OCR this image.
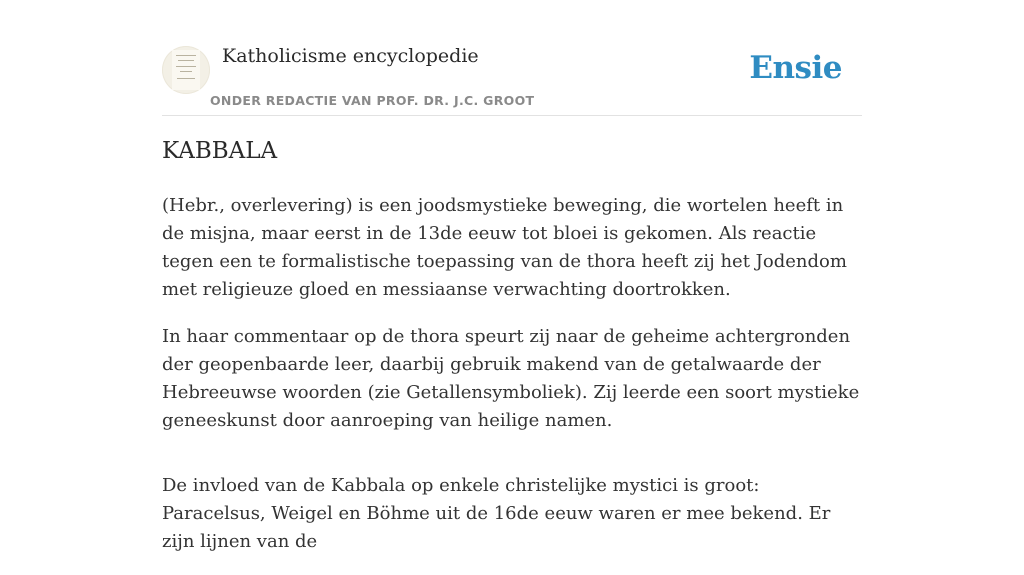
Katholicisme encyclopedie
ONDER REDACTIE VAN PROF. DR. J.C. GROOT
Ensie
KABBALA

(Hebr., overlevering) is een joodsmystieke beweging, die wortelen heeft in de misjna, maar eerst in de 13de eeuw tot bloei is gekomen. Als reactie tegen een te formalistische toepassing van de thora heeft zij het Jodendom met religieuze gloed en messiaanse verwachting doortrokken.

In haar commentaar op de thora speurt zij naar de geheime achtergronden der geopenbaarde leer, daarbij gebruik makend van de getalwaarde der Hebreeuwse woorden (zie Getallensymboliek). Zij leerde een soort mystieke geneeskunst door aanroeping van heilige namen.

De invloed van de Kabbala op enkele christelijke mystici is groot: Paracelsus, Weigel en Böhme uit de 16de eeuw waren er mee bekend. Er zijn lijnen van de
